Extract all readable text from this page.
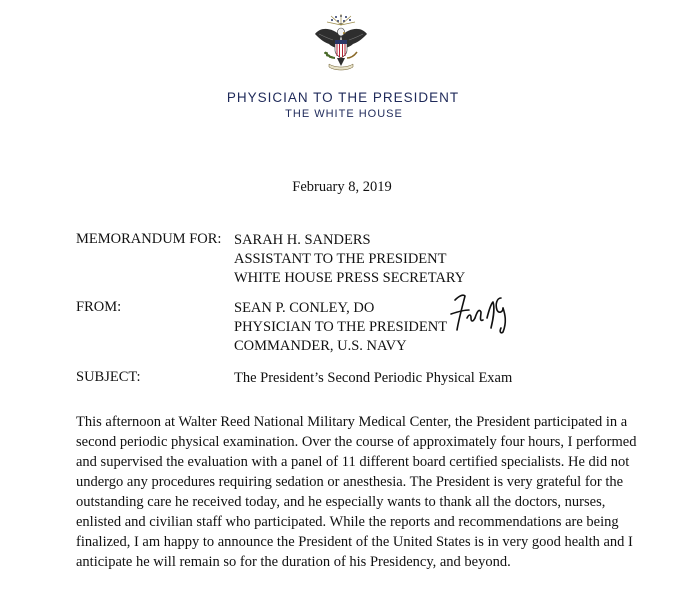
PHYSICIAN TO THE PRESIDENT
THE WHITE HOUSE
February 8, 2019
MEMORANDUM FOR: SARAH H. SANDERS
ASSISTANT TO THE PRESIDENT
WHITE HOUSE PRESS SECRETARY
FROM:	SEAN P. CONLEY, DO
PHYSICIAN TO THE PRESIDENT
COMMANDER, U.S. NAVY
SUBJECT:	The President’s Second Periodic Physical Exam
This afternoon at Walter Reed National Military Medical Center, the President participated in a
second periodic physical examination. Over the course of approximately four hours, I performed
and supervised the evaluation with a panel of 11 different board certified specialists. He did not
undergo any procedures requiring sedation or anesthesia. The President is very grateful for the
outstanding care he received today, and he especially wants to thank all the doctors, nurses,
enlisted and civilian staff who participated. While the reports and recommendations are being
finalized, I am happy to announce the President of the United States is in very good health and I
anticipate he will remain so for the duration of his Presidency, and beyond.
